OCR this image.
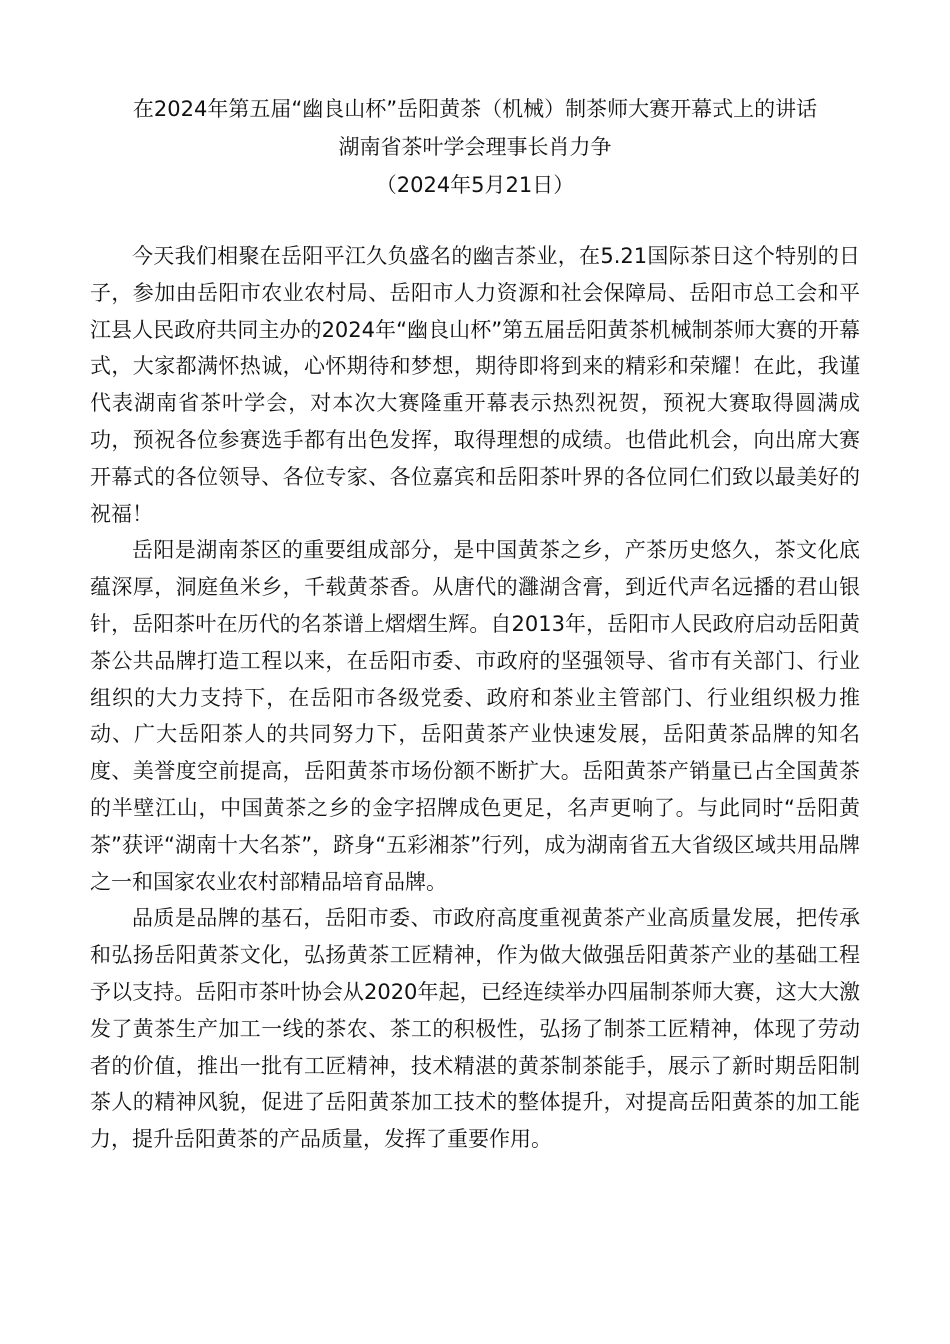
在2024年第五届“幽良山杯”岳阳黄茶（机械）制茶师大赛开幕式上的讲话
湖南省茶叶学会理事长肖力争
（2024年5月21日）

今天我们相聚在岳阳平江久负盛名的幽吉茶业，在5.21国际茶日这个特别的日子，参加由岳阳市农业农村局、岳阳市人力资源和社会保障局、岳阳市总工会和平江县人民政府共同主办的2024年“幽良山杯”第五届岳阳黄茶机械制茶师大赛的开幕式，大家都满怀热诚，心怀期待和梦想，期待即将到来的精彩和荣耀！在此，我谨代表湖南省茶叶学会，对本次大赛隆重开幕表示热烈祝贺，预祝大赛取得圆满成功，预祝各位参赛选手都有出色发挥，取得理想的成绩。也借此机会，向出席大赛开幕式的各位领导、各位专家、各位嘉宾和岳阳茶叶界的各位同仁们致以最美好的祝福！

岳阳是湖南茶区的重要组成部分，是中国黄茶之乡，产茶历史悠久，茶文化底蕴深厚，洞庭鱼米乡，千载黄茶香。从唐代的灉湖含膏，到近代声名远播的君山银针，岳阳茶叶在历代的名茶谱上熠熠生辉。自2013年，岳阳市人民政府启动岳阳黄茶公共品牌打造工程以来，在岳阳市委、市政府的坚强领导、省市有关部门、行业组织的大力支持下，在岳阳市各级党委、政府和茶业主管部门、行业组织极力推动、广大岳阳茶人的共同努力下，岳阳黄茶产业快速发展，岳阳黄茶品牌的知名度、美誉度空前提高，岳阳黄茶市场份额不断扩大。岳阳黄茶产销量已占全国黄茶的半壁江山，中国黄茶之乡的金字招牌成色更足，名声更响了。与此同时“岳阳黄茶”获评“湖南十大名茶”，跻身“五彩湘茶”行列，成为湖南省五大省级区域共用品牌之一和国家农业农村部精品培育品牌。

品质是品牌的基石，岳阳市委、市政府高度重视黄茶产业高质量发展，把传承和弘扬岳阳黄茶文化，弘扬黄茶工匠精神，作为做大做强岳阳黄茶产业的基础工程予以支持。岳阳市茶叶协会从2020年起，已经连续举办四届制茶师大赛，这大大激发了黄茶生产加工一线的茶农、茶工的积极性，弘扬了制茶工匠精神，体现了劳动者的价值，推出一批有工匠精神，技术精湛的黄茶制茶能手，展示了新时期岳阳制茶人的精神风貌，促进了岳阳黄茶加工技术的整体提升，对提高岳阳黄茶的加工能力，提升岳阳黄茶的产品质量，发挥了重要作用。
